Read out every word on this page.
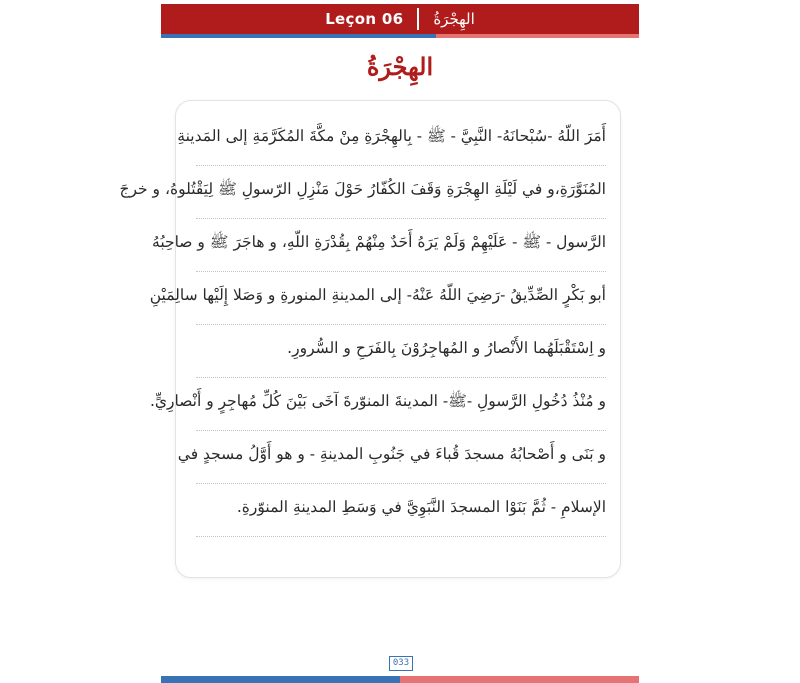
Leçon 06 الهِجْرَةُ
الهِجْرَةُ
أَمَرَ اللّهُ -سُبْحانَهُ- النَّبِيَّ - ﷺ - بِالهِجْرَةِ مِنْ مكَّةَ المُكَرَّمَةِ إلى المَدينةِ
المُنَوَّرَةِ،و في لَيْلَةِ الهِجْرَةِ وَقَفَ الكُفّارُ حَوْلَ مَنْزِلِ الرّسولِ ﷺ لِيَقْتُلوهُ، و خرجَ
الرَّسول - ﷺ - عَلَيْهِمْ وَلَمْ يَرَهُ أَحَدٌ مِنْهُمْ بِقُدْرَةِ اللّهِ، و هاجَرَ ﷺ و صاحِبُهُ
أبو بَكْرٍ الصِّدِّيقُ -رَضِيَ اللّهُ عَنْهُ- إلى المدينةِ المنورةِ و وَصَلا إِلَيْها سالِمَيْنِ
و اِسْتَقْبَلَهُما الأَنْصارُ و المُهاجِرُوْنَ بِالفَرَحِ و السُّرورِ.
و مُنْذُ دُخُولِ الرَّسولِ -ﷺ- المدينةَ المنوّرةَ آخَى بَيْنَ كُلِّ مُهاجِرٍ و أَنْصارِيٍّ.
و بَنَى و أَصْحابُهُ مسجدَ قُباءَ في جَنُوبِ المدينةِ - و هو أَوَّلُ مسجدٍ في
الإسلامِ - ثُمَّ بَنَوْا المسجدَ النَّبَوِيَّ في وَسَطِ المدينةِ المنوّرةِ.
033
